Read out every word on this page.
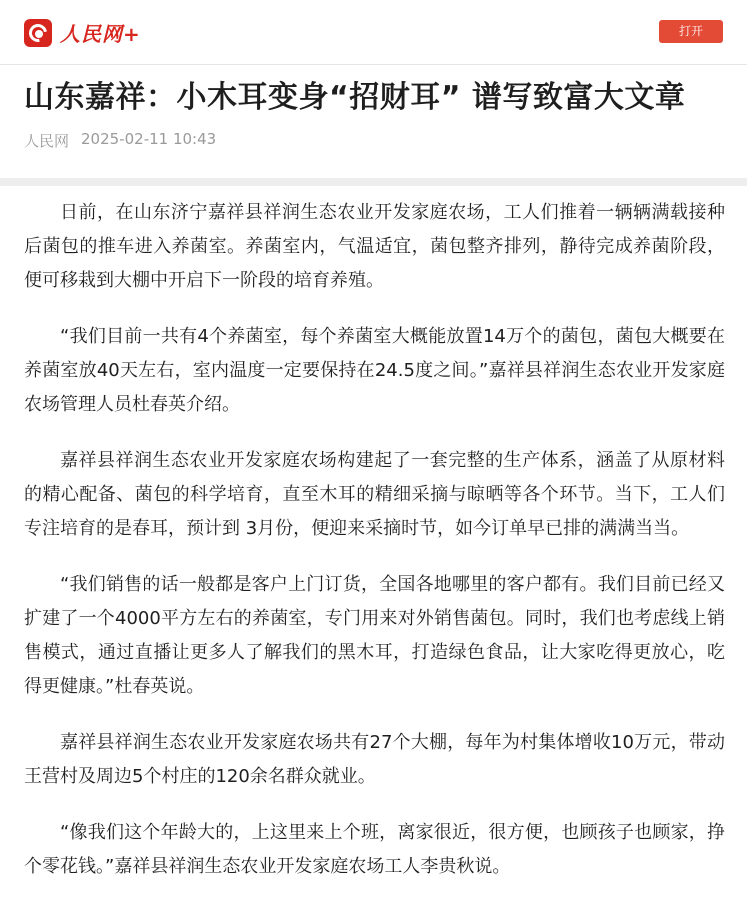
人民网+	打开
山东嘉祥：小木耳变身“招财耳” 谱写致富大文章
人民网 2025-02-11 10:43

日前，在山东济宁嘉祥县祥润生态农业开发家庭农场，工人们推着一辆辆满载接种后菌包的推车进入养菌室。养菌室内，气温适宜，菌包整齐排列，静待完成养菌阶段，便可移栽到大棚中开启下一阶段的培育养殖。

“我们目前一共有4个养菌室，每个养菌室大概能放置14万个的菌包，菌包大概要在养菌室放40天左右，室内温度一定要保持在24.5度之间。”嘉祥县祥润生态农业开发家庭农场管理人员杜春英介绍。

嘉祥县祥润生态农业开发家庭农场构建起了一套完整的生产体系，涵盖了从原材料的精心配备、菌包的科学培育，直至木耳的精细采摘与晾晒等各个环节。当下，工人们专注培育的是春耳，预计到 3月份，便迎来采摘时节，如今订单早已排的满满当当。

“我们销售的话一般都是客户上门订货，全国各地哪里的客户都有。我们目前已经又扩建了一个4000平方左右的养菌室，专门用来对外销售菌包。同时，我们也考虑线上销售模式，通过直播让更多人了解我们的黑木耳，打造绿色食品，让大家吃得更放心，吃得更健康。”杜春英说。

嘉祥县祥润生态农业开发家庭农场共有27个大棚，每年为村集体增收10万元，带动王营村及周边5个村庄的120余名群众就业。

“像我们这个年龄大的，上这里来上个班，离家很近，很方便，也顾孩子也顾家，挣个零花钱。”嘉祥县祥润生态农业开发家庭农场工人李贵秋说。
